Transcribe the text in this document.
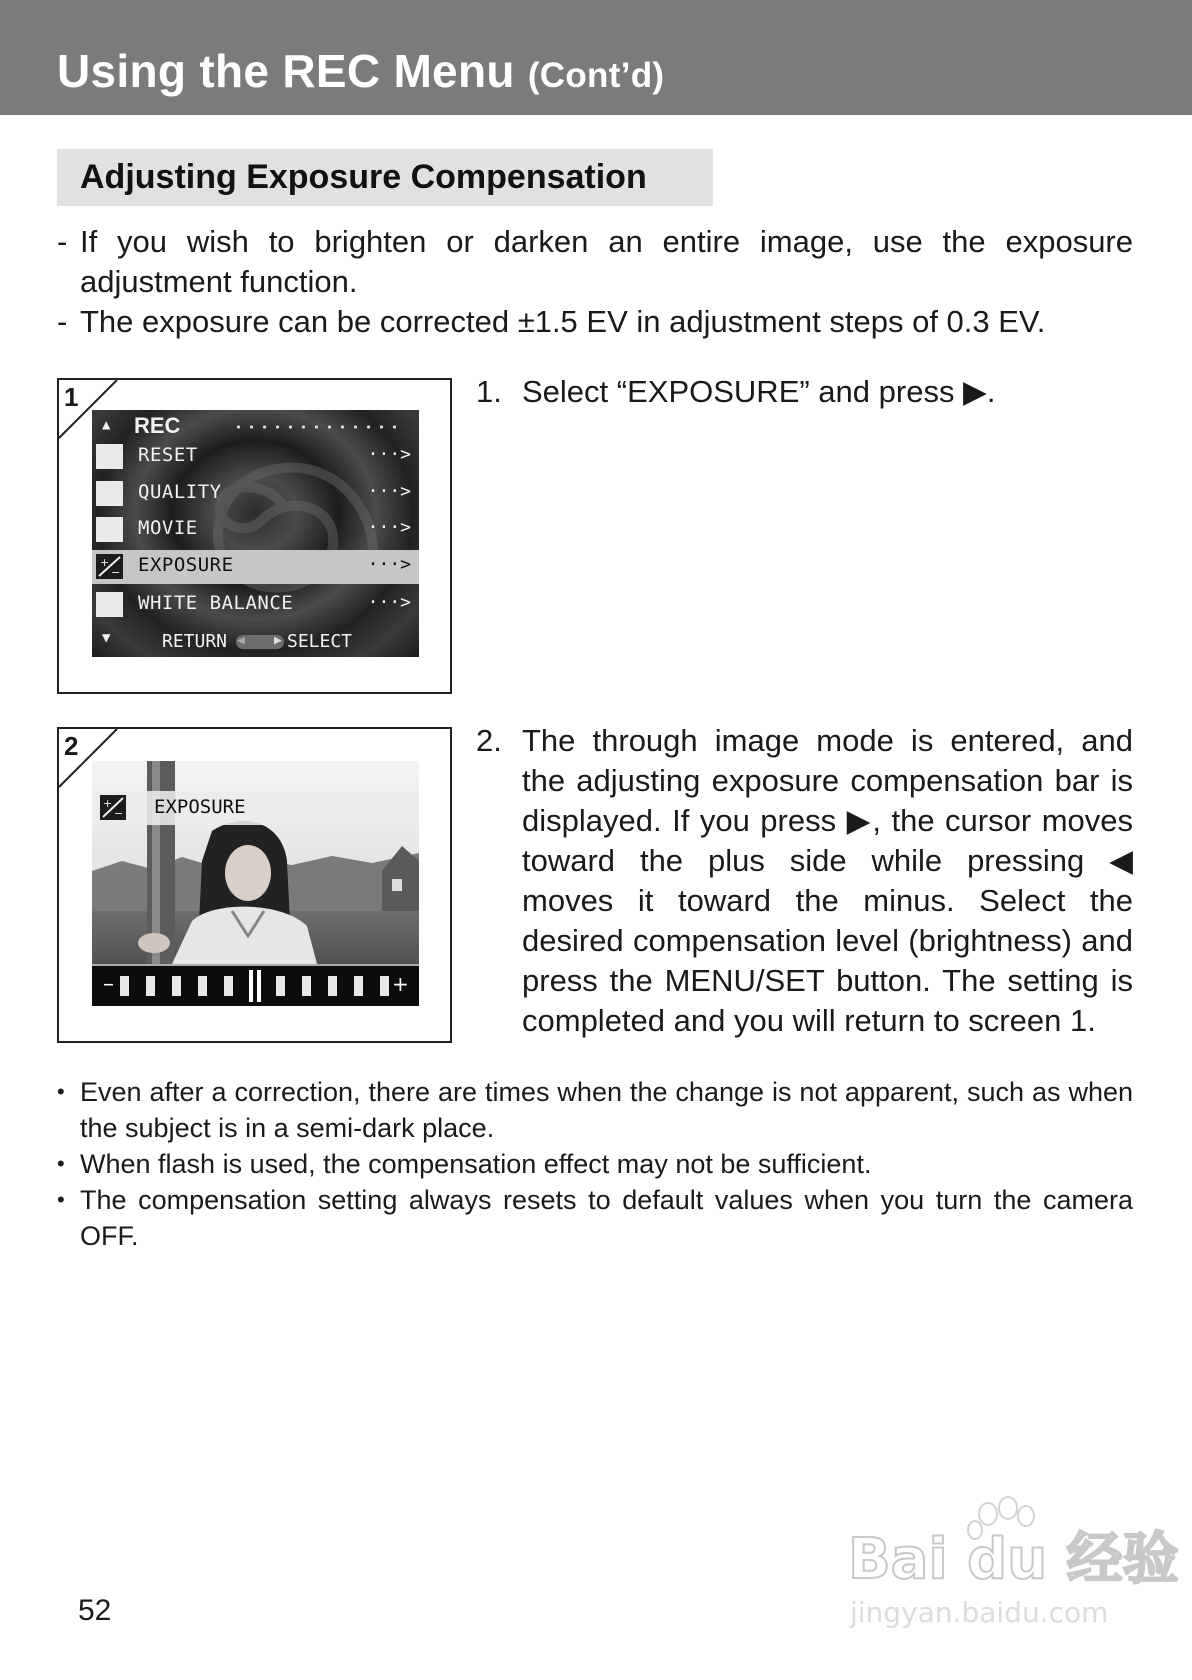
Using the REC Menu (Cont’d)
Adjusting Exposure Compensation
- If you wish to brighten or darken an entire image, use the exposure adjustment function.
- The exposure can be corrected ±1.5 EV in adjustment steps of 0.3 EV.
1
▲ REC
RESET	···>
QUALITY	···>
MOVIE	···>
+
− EXPOSURE	···>
WHITE BALANCE	···>
▼	RETURN ◀ ▶ SELECT
1. Select “EXPOSURE” and press ▶.
2
+
− EXPOSURE
–	+
2. The through image mode is entered, and the adjusting exposure compensation bar is displayed. If you press ▶, the cursor moves toward the plus side while pressing ◀ moves it toward the minus. Select the desired compensation level (brightness) and press the MENU/SET button. The setting is completed and you will return to screen 1.
• Even after a correction, there are times when the change is not apparent, such as when the subject is in a semi-dark place.
• When flash is used, the compensation effect may not be sufficient.
• The compensation setting always resets to default values when you turn the camera OFF.
52
Bai du 经验
jingyan.baidu.com
